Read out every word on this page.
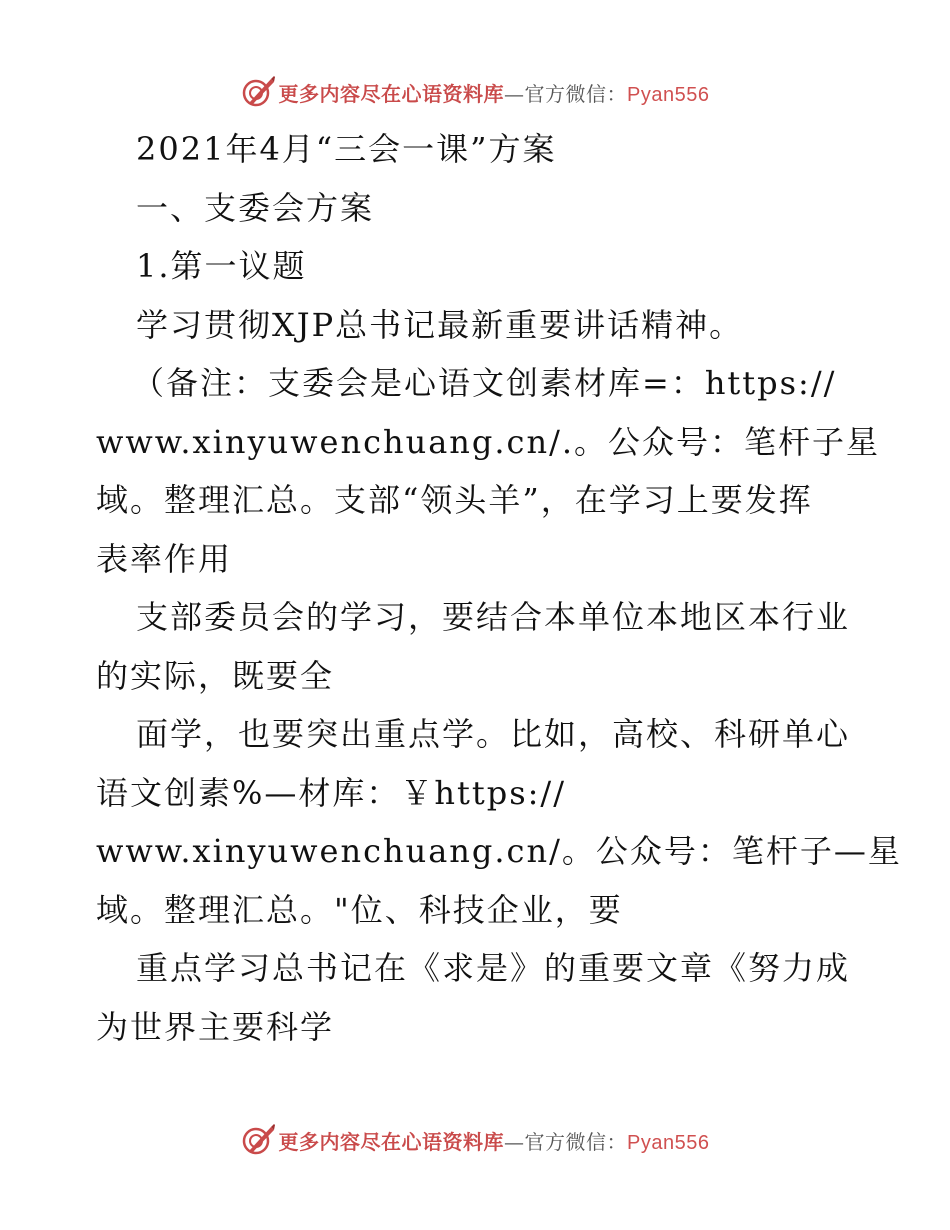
更多内容尽在心语资料库—官方微信：Pyan556
2021年4月“三会一课”方案
一、支委会方案
1.第一议题
学习贯彻XJP总书记最新重要讲话精神。
（备注：支委会是心语文创素材库=：https://
www.xinyuwenchuang.cn/.。公众号：笔杆子星
域。整理汇总。支部“领头羊”，在学习上要发挥
表率作用
支部委员会的学习，要结合本单位本地区本行业
的实际，既要全
面学，也要突出重点学。比如，高校、科研单心
语文创素%—材库：￥https://
www.xinyuwenchuang.cn/。公众号：笔杆子—星
域。整理汇总。"位、科技企业，要
重点学习总书记在《求是》的重要文章《努力成
为世界主要科学
更多内容尽在心语资料库—官方微信：Pyan556
